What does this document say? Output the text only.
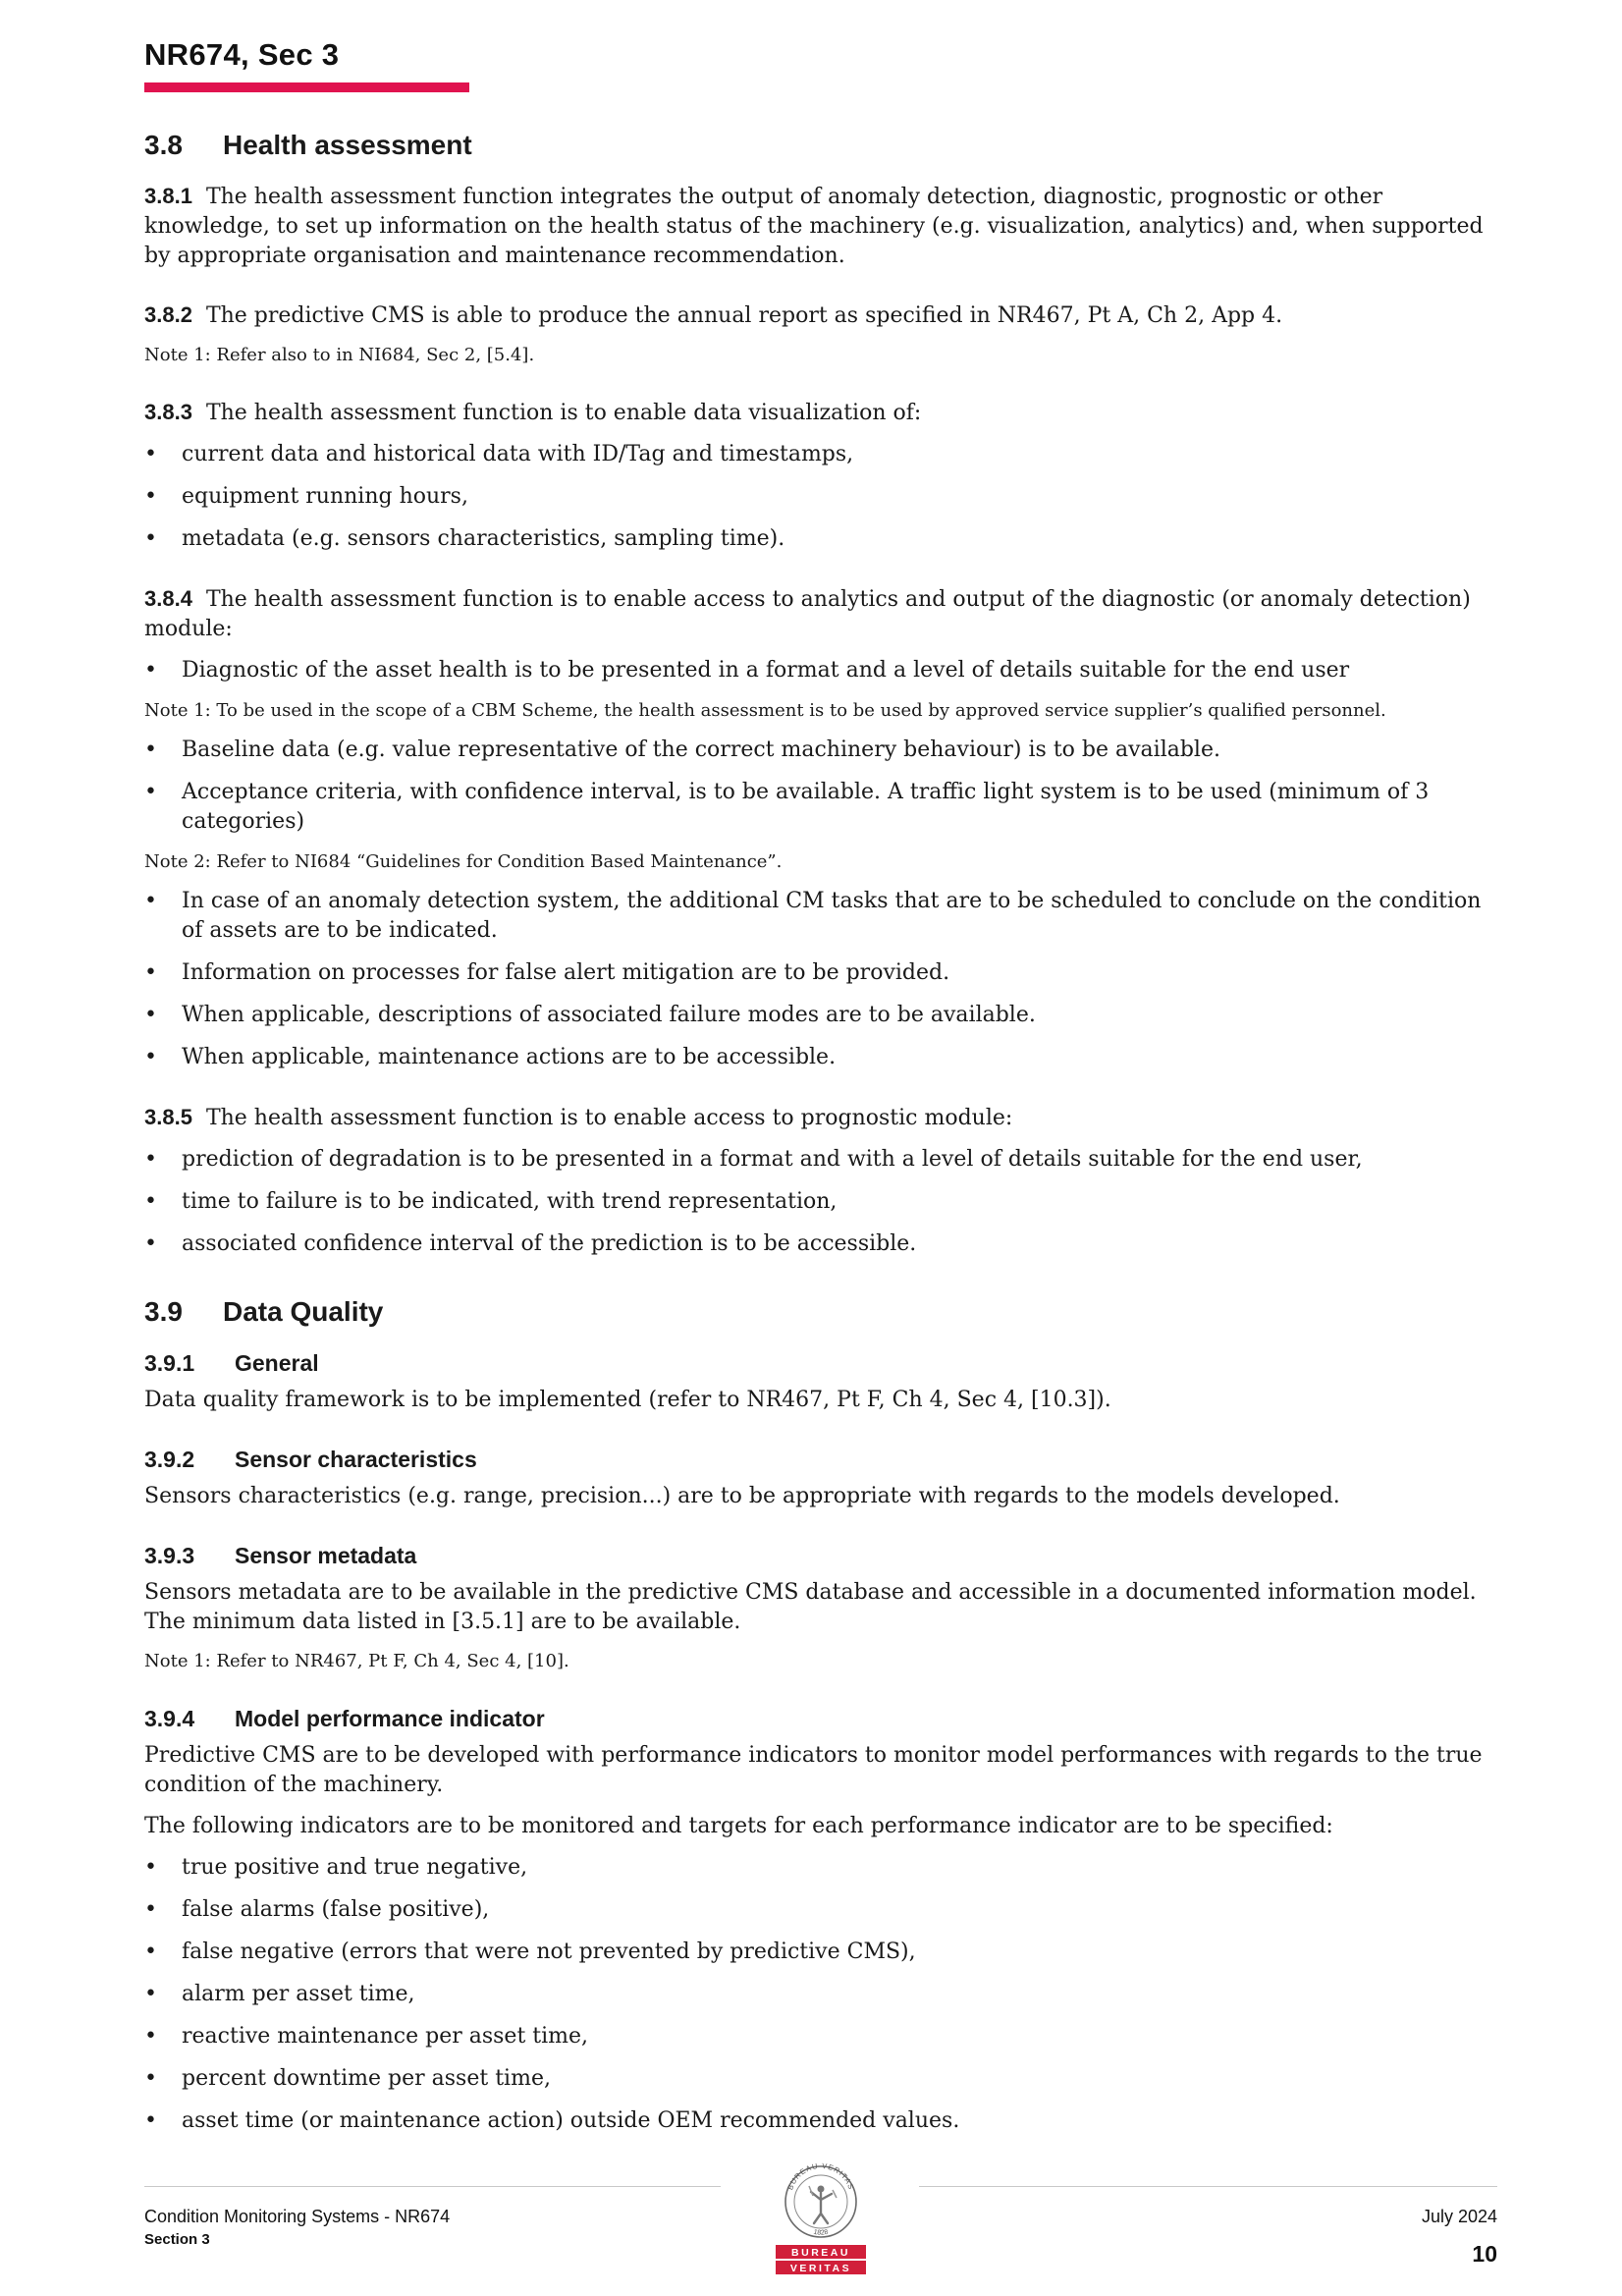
NR674, Sec 3
3.8	Health assessment
3.8.1 The health assessment function integrates the output of anomaly detection, diagnostic, prognostic or other knowledge, to set up information on the health status of the machinery (e.g. visualization, analytics) and, when supported by appropriate organisation and maintenance recommendation.
3.8.2 The predictive CMS is able to produce the annual report as specified in NR467, Pt A, Ch 2, App 4.
Note 1: Refer also to in NI684, Sec 2, [5.4].
3.8.3 The health assessment function is to enable data visualization of:
•	current data and historical data with ID/Tag and timestamps,
•	equipment running hours,
•	metadata (e.g. sensors characteristics, sampling time).
3.8.4 The health assessment function is to enable access to analytics and output of the diagnostic (or anomaly detection) module:
•	Diagnostic of the asset health is to be presented in a format and a level of details suitable for the end user
Note 1: To be used in the scope of a CBM Scheme, the health assessment is to be used by approved service supplier’s qualified personnel.
•	Baseline data (e.g. value representative of the correct machinery behaviour) is to be available.
•	Acceptance criteria, with confidence interval, is to be available. A traffic light system is to be used (minimum of 3 categories)
Note 2: Refer to NI684 “Guidelines for Condition Based Maintenance”.
•	In case of an anomaly detection system, the additional CM tasks that are to be scheduled to conclude on the condition of assets are to be indicated.
•	Information on processes for false alert mitigation are to be provided.
•	When applicable, descriptions of associated failure modes are to be available.
•	When applicable, maintenance actions are to be accessible.
3.8.5 The health assessment function is to enable access to prognostic module:
•	prediction of degradation is to be presented in a format and with a level of details suitable for the end user,
•	time to failure is to be indicated, with trend representation,
•	associated confidence interval of the prediction is to be accessible.
3.9	Data Quality
3.9.1	General
Data quality framework is to be implemented (refer to NR467, Pt F, Ch 4, Sec 4, [10.3]).
3.9.2	Sensor characteristics
Sensors characteristics (e.g. range, precision...) are to be appropriate with regards to the models developed.
3.9.3	Sensor metadata
Sensors metadata are to be available in the predictive CMS database and accessible in a documented information model. The minimum data listed in [3.5.1] are to be available.
Note 1: Refer to NR467, Pt F, Ch 4, Sec 4, [10].
3.9.4	Model performance indicator
Predictive CMS are to be developed with performance indicators to monitor model performances with regards to the true condition of the machinery.
The following indicators are to be monitored and targets for each performance indicator are to be specified:
•	true positive and true negative,
•	false alarms (false positive),
•	false negative (errors that were not prevented by predictive CMS),
•	alarm per asset time,
•	reactive maintenance per asset time,
•	percent downtime per asset time,
•	asset time (or maintenance action) outside OEM recommended values.
Condition Monitoring Systems - NR674
Section 3
July 2024
10
BUREAU VERITAS
1828
BUREAU
VERITAS
